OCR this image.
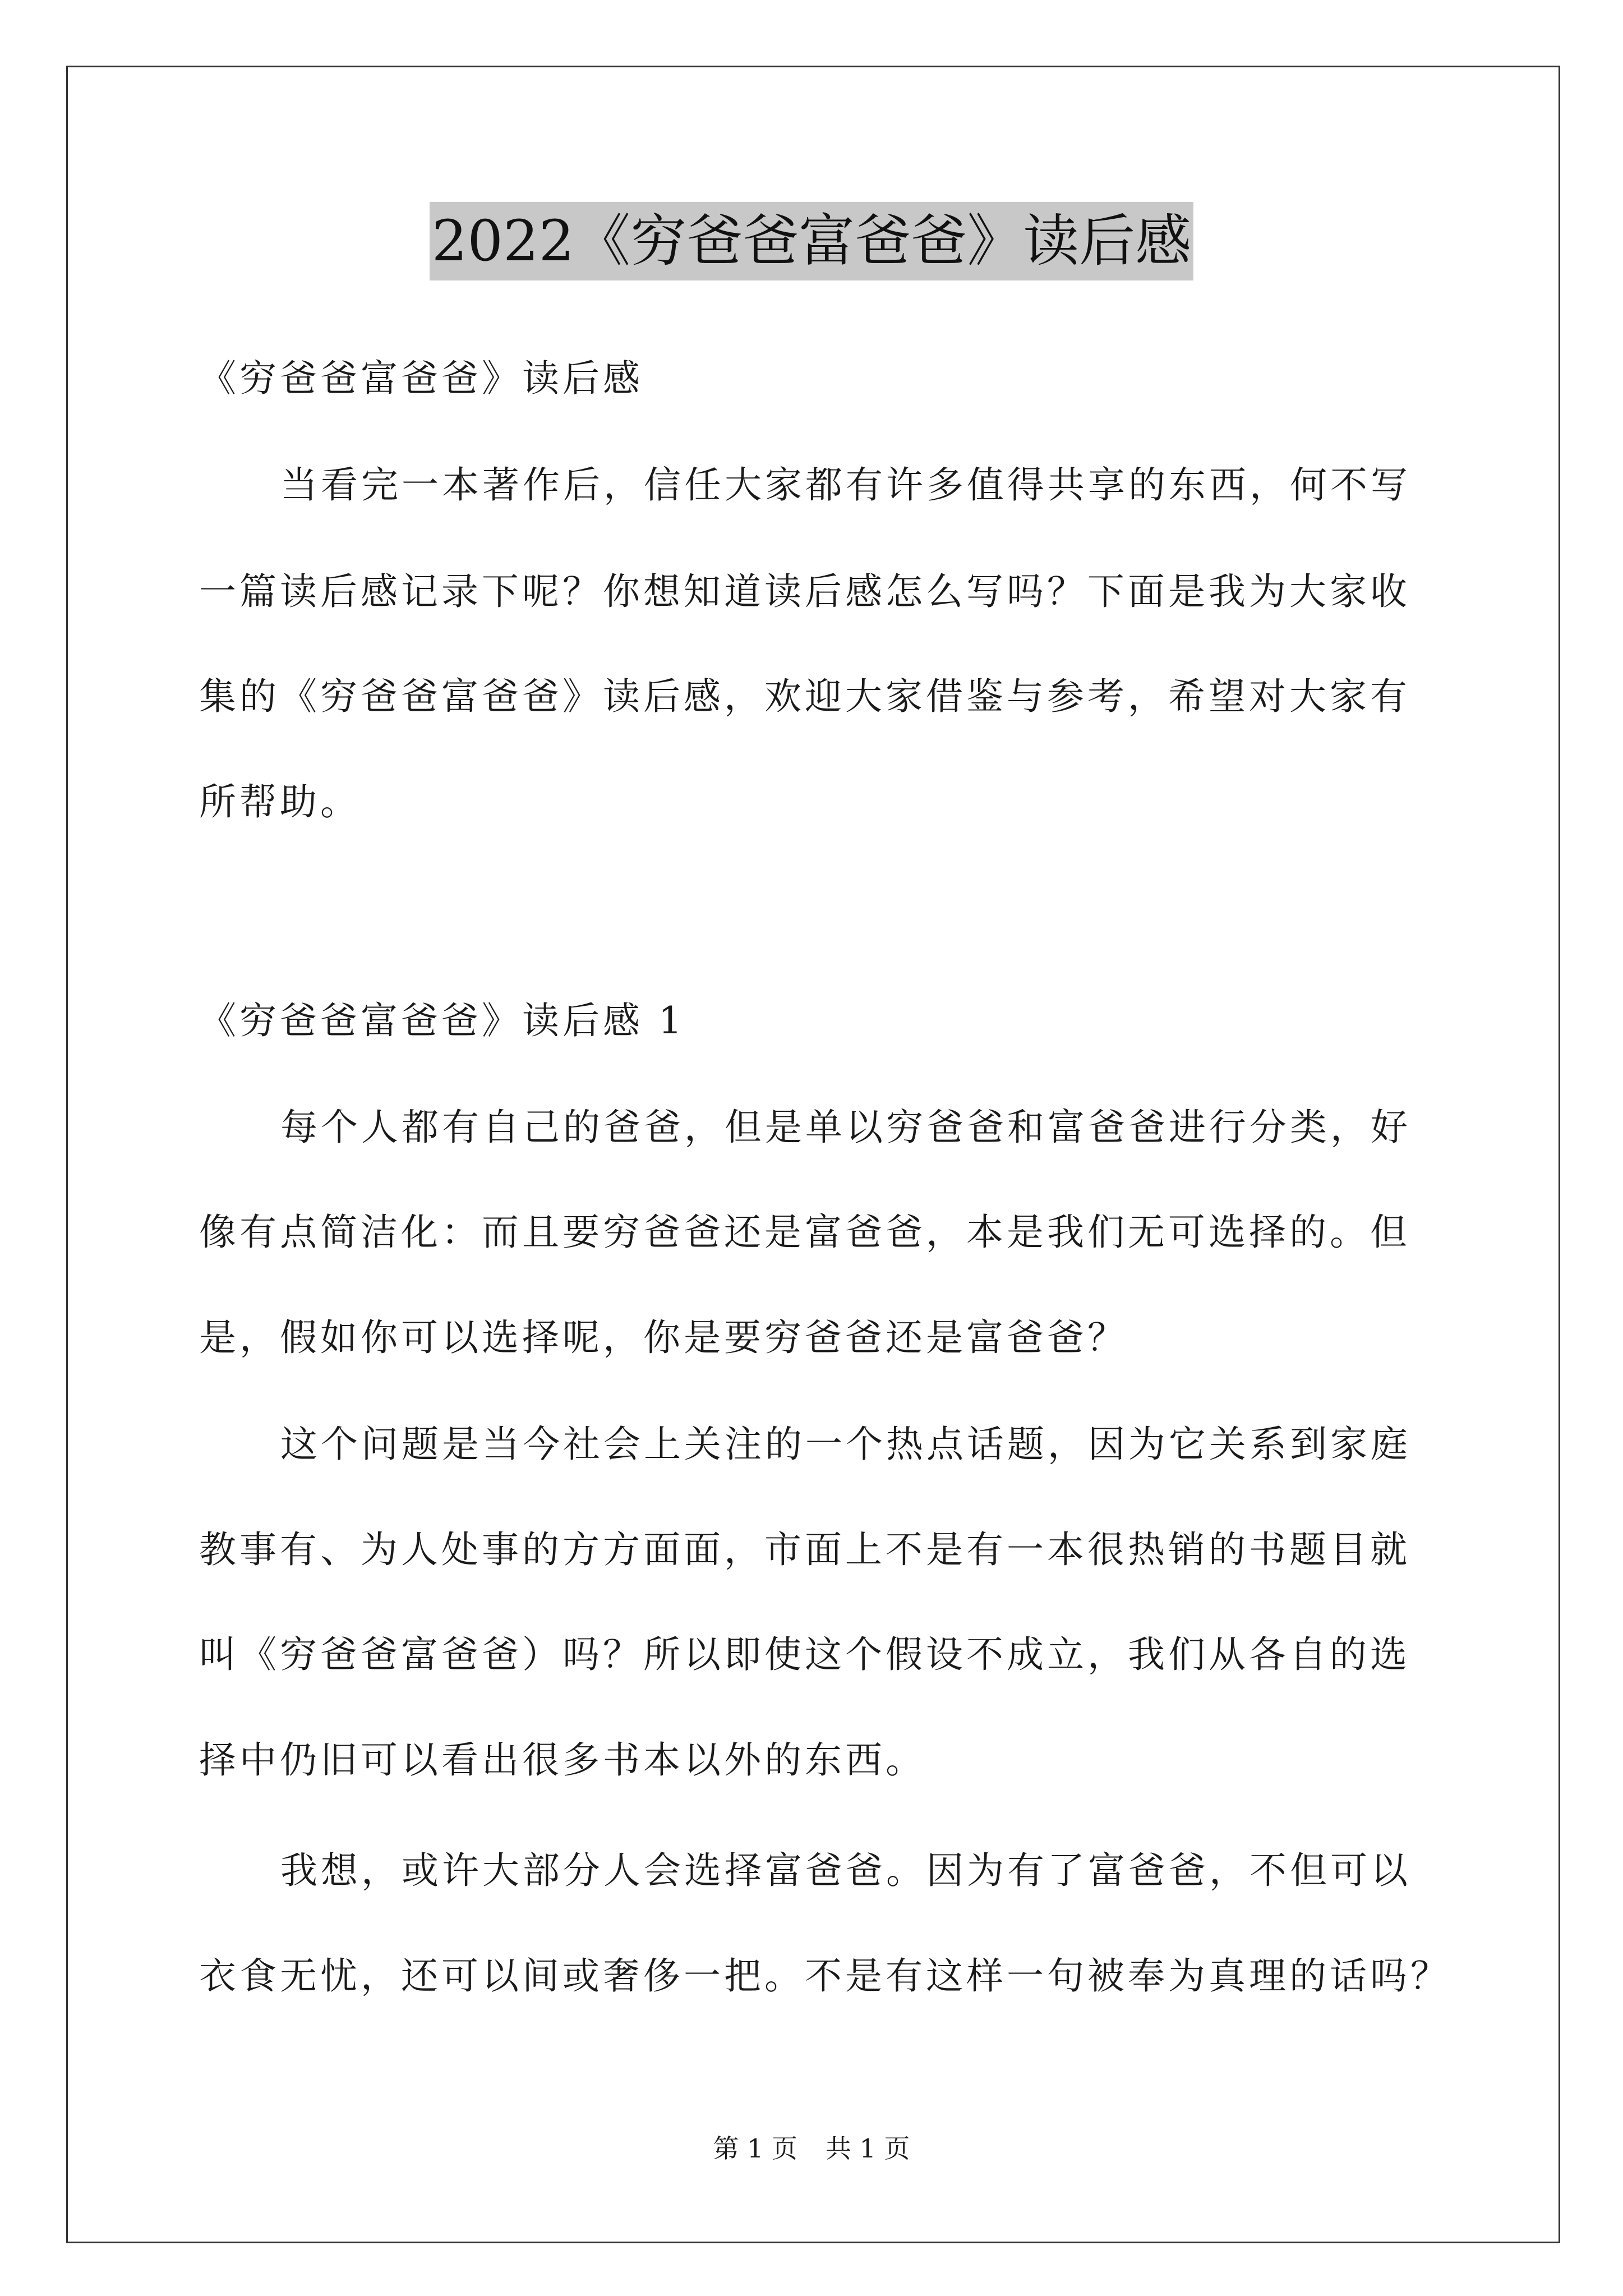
2022《穷爸爸富爸爸》读后感
《穷爸爸富爸爸》读后感
当看完一本著作后，信任大家都有许多值得共享的东西，何不写
一篇读后感记录下呢？你想知道读后感怎么写吗？下面是我为大家收
集的《穷爸爸富爸爸》读后感，欢迎大家借鉴与参考，希望对大家有
所帮助。
《穷爸爸富爸爸》读后感 1
每个人都有自己的爸爸，但是单以穷爸爸和富爸爸进行分类，好
像有点简洁化：而且要穷爸爸还是富爸爸，本是我们无可选择的。但
是，假如你可以选择呢，你是要穷爸爸还是富爸爸？
这个问题是当今社会上关注的一个热点话题，因为它关系到家庭
教事有、为人处事的方方面面，市面上不是有一本很热销的书题目就
叫《穷爸爸富爸爸）吗？所以即使这个假设不成立，我们从各自的选
择中仍旧可以看出很多书本以外的东西。
我想，或许大部分人会选择富爸爸。因为有了富爸爸，不但可以
衣食无忧，还可以间或奢侈一把。不是有这样一句被奉为真理的话吗？
第 1 页 共 1 页
